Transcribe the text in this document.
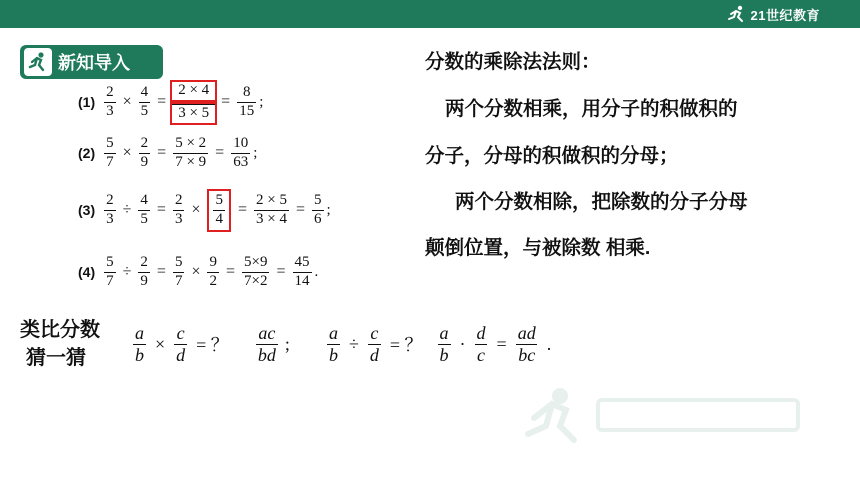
21世纪教育
新知导入
$(1) \frac{2}{3} \times \frac{4}{5} = \frac{2 \times 4}{3 \times 5} = \frac{8}{15}$ ;
$(2) \frac{5}{7} \times \frac{2}{9} = \frac{5 \times 2}{7 \times 9} = \frac{10}{63}$ ;
$(3) \frac{2}{3} \div \frac{4}{5} = \frac{2}{3} \times \frac{5}{4} = \frac{2 \times 5}{3 \times 4} = \frac{5}{6}$ ;
$(4) \frac{5}{7} \div \frac{2}{9} = \frac{5}{7} \times \frac{9}{2} = \frac{5\times 9}{7\times 2} = \frac{45}{14}$ .
分数的乘除法法则：
两个分数相乘，用分子的积做积的
分子，分母的积做积的分母；
两个分数相除，把除数的分子分母
颠倒位置，与被除数 相乘.
类比分数
猜一猜	$\frac{a}{b} \times \frac{c}{d}$ = ？ $\frac{ac}{bd}$ ; $\frac{a}{b} \div \frac{c}{d}$ = ？ $\frac{a}{b} \cdot \frac{d}{c} = \frac{ad}{bc}$ .
